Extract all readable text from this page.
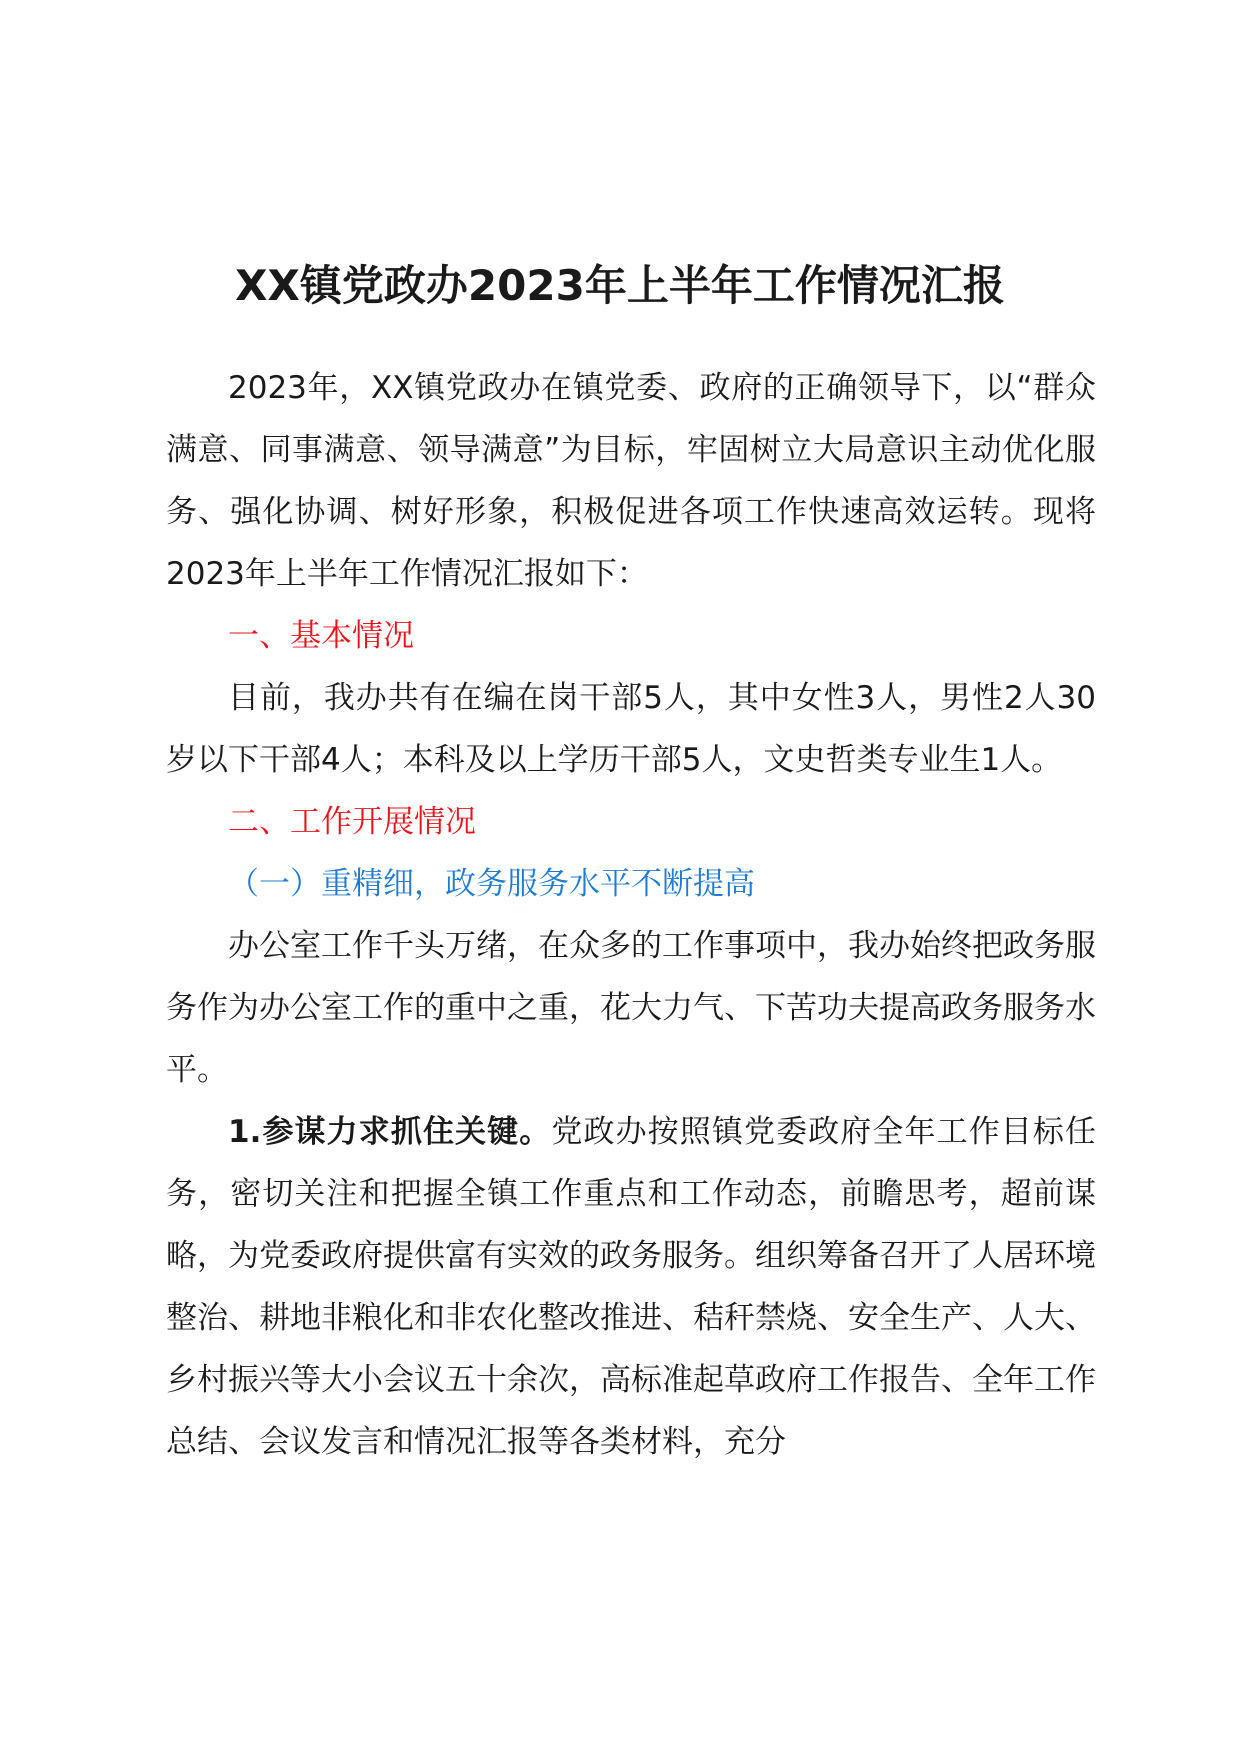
XX镇党政办2023年上半年工作情况汇报

2023年，XX镇党政办在镇党委、政府的正确领导下，以“群众满意、同事满意、领导满意”为目标，牢固树立大局意识主动优化服务、强化协调、树好形象，积极促进各项工作快速高效运转。现将2023年上半年工作情况汇报如下：

一、基本情况

目前，我办共有在编在岗干部5人，其中女性3人，男性2人30岁以下干部4人；本科及以上学历干部5人，文史哲类专业生1人。

二、工作开展情况

（一）重精细，政务服务水平不断提高

办公室工作千头万绪，在众多的工作事项中，我办始终把政务服务作为办公室工作的重中之重，花大力气、下苦功夫提高政务服务水平。

1.参谋力求抓住关键。党政办按照镇党委政府全年工作目标任务，密切关注和把握全镇工作重点和工作动态，前瞻思考，超前谋略，为党委政府提供富有实效的政务服务。组织筹备召开了人居环境整治、耕地非粮化和非农化整改推进、秸秆禁烧、安全生产、人大、乡村振兴等大小会议五十余次，高标准起草政府工作报告、全年工作总结、会议发言和情况汇报等各类材料，充分
